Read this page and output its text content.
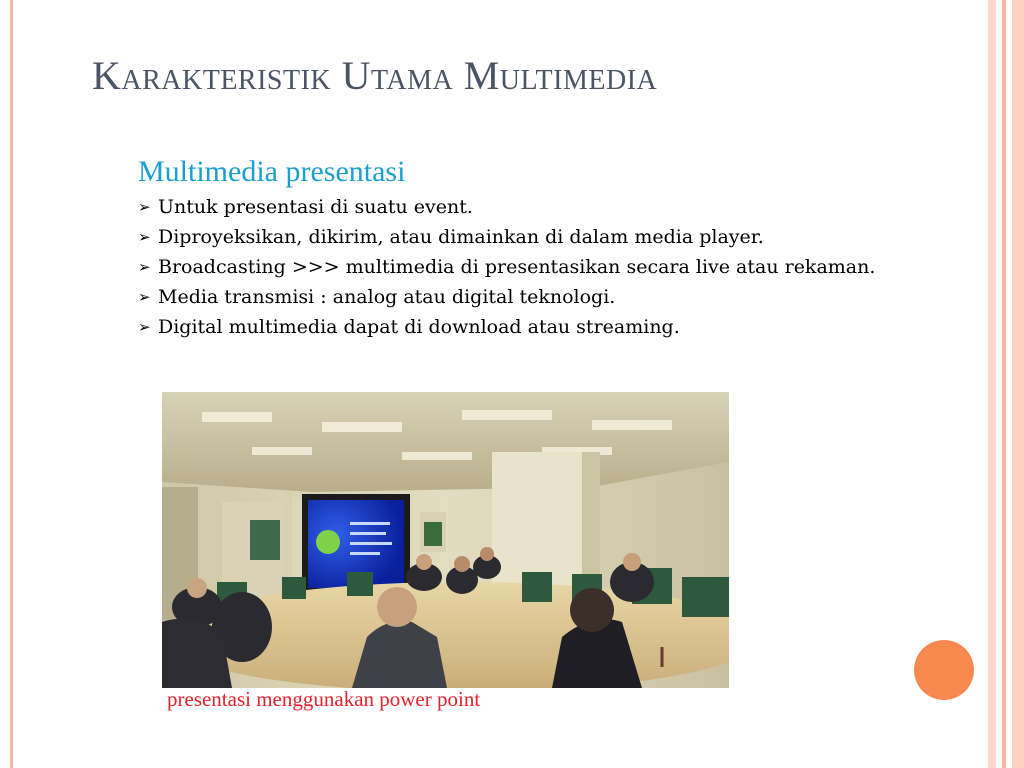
Karakteristik Utama Multimedia
Multimedia presentasi
➢ Untuk presentasi di suatu event.
➢ Diproyeksikan, dikirim, atau dimainkan di dalam media player.
➢ Broadcasting >>> multimedia di presentasikan secara live atau rekaman.
➢ Media transmisi : analog atau digital teknologi.
➢ Digital multimedia dapat di download atau streaming.
presentasi menggunakan power point
